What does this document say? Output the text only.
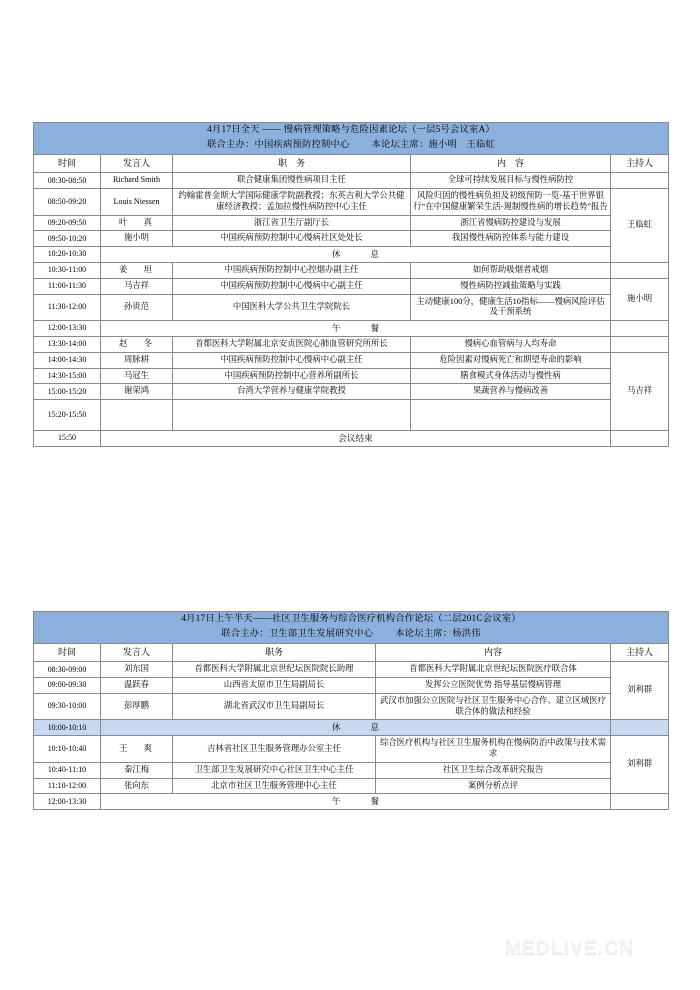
4月17日全天 —— 慢病管理策略与危险因素论坛（一层5号会议室A）
联合主办：中国疾病预防控制中心 本论坛主席：施小明　王临虹				

时间	发言人	职　务	内　容	主持人
08:30-08:50	Richard Smith	联合健康集团慢性病项目主任	全球可持续发展目标与慢性病防控	
08:50-09:20	Louis Niessen	约翰霍普金斯大学国际健康学院副教授；东英吉利大学公共健康经济教授；孟加拉慢性病防控中心主任	风险归因的慢性病负担及初级预防一览-基于世界银行“在中国健康繁荣生活-遏制慢性病的增长趋势”报告	王临虹
09:20-09:50	叶　真	浙江省卫生厅副厅长	浙江省慢病防控建设与发展	
09:50-10:20	施小明	中国疾病预防控制中心慢病社区处处长	我国慢性病防控体系与能力建设	
10:20-10:30	休 息			
10:30-11:00	姜　垣	中国疾病预防控制中心控烟办副主任	如何帮助吸烟者戒烟	
11:00-11:30	马吉祥	中国疾病预防控制中心慢病中心副主任	慢性病防控减盐策略与实践	施小明
11:30-12:00	孙贵范	中国医科大学公共卫生学院院长	主动健康100分，健康生活10指标——慢病风险评估及干预系统	
12:00-13:30	午 餐			
13:30-14:00	赵　冬	首都医科大学附属北京安贞医院心肺血管研究所所长	慢病心血管病与人均寿命	
14:00-14:30	周脉耕	中国疾病预防控制中心慢病中心副主任	危险因素对慢病死亡和期望寿命的影响	马吉祥
14:30-15:00	马冠生	中国疾病预防控制中心营养所副所长	膳食模式身体活动与慢性病	
15:00-15:20	谢荣鸿	台湾大学营养与健康学院教授	果蔬营养与慢病改善	
15:20-15:50				
15:50	会议结束			
4月17日上午半天——社区卫生服务与综合医疗机构合作论坛（二层201C会议室）
联合主办：卫生部卫生发展研究中心 本论坛主席：杨洪伟				

时间	发言人	职务	内容	主持人
08:30-09:00	刘东国	首都医科大学附属北京世纪坛医院院长助理	首都医科大学附属北京世纪坛医院医疗联合体	刘利群
09:00-09:30	温跃春	山西省太原市卫生局副局长	发挥公立医院优势 指导基层慢病管理	
09:30-10:00	彭厚鹏	湖北省武汉市卫生局副局长	武汉市加强公立医院与社区卫生服务中心合作、建立区域医疗联合体的做法和经验	
10:00-10:10	休 息			
10:10-10:40	王　爽	吉林省社区卫生服务管理办公室主任	综合医疗机构与社区卫生服务机构在慢病防治中政策与技术需求	刘利群
10:40-11:10	秦江梅	卫生部卫生发展研究中心社区卫生中心主任	社区卫生综合改革研究报告	
11:10-12:00	张向东	北京市社区卫生服务管理中心主任	案例分析点评	
12:00-13:30	午 餐			
MEDLIVE.CN
